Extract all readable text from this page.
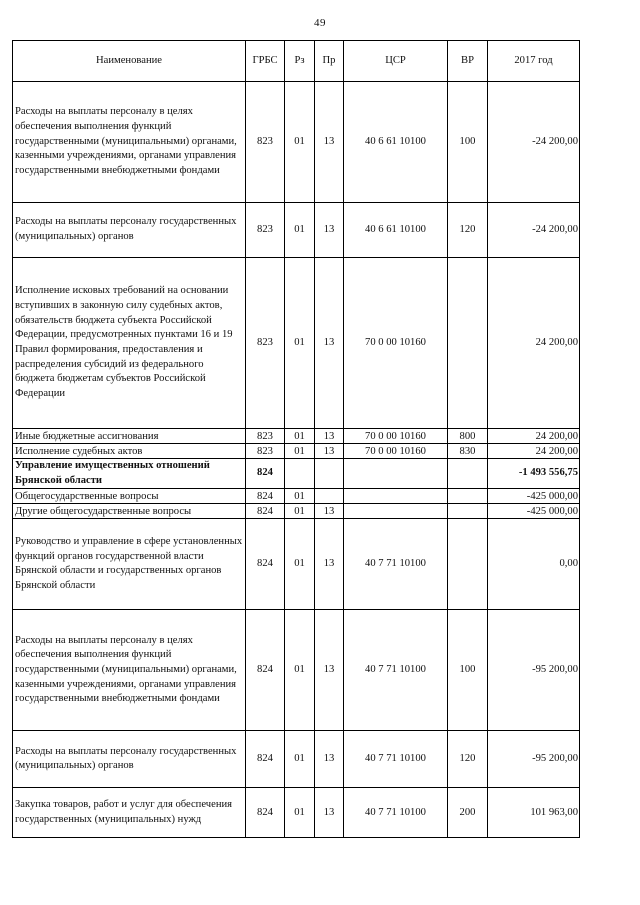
49
Наименование	ГРБС	Рз	Пр	ЦСР	ВР	2017 год
Расходы на выплаты персоналу в целях обеспечения выполнения функций государственными (муниципальными) органами, казенными учреждениями, органами управления государственными внебюджетными фондами	823	01	13	40 6 61 10100	100	-24 200,00
Расходы на выплаты персоналу государственных (муниципальных) органов	823	01	13	40 6 61 10100	120	-24 200,00
Исполнение исковых требований на основании вступивших в законную силу судебных актов, обязательств бюджета субъекта Российской Федерации, предусмотренных пунктами 16 и 19 Правил формирования, предоставления и распределения субсидий из федерального бюджета бюджетам субъектов Российской Федерации	823	01	13	70 0 00 10160		24 200,00
Иные бюджетные ассигнования	823	01	13	70 0 00 10160	800	24 200,00
Исполнение судебных актов	823	01	13	70 0 00 10160	830	24 200,00
Управление имущественных отношений Брянской области	824					-1 493 556,75
Общегосударственные вопросы	824	01				-425 000,00
Другие общегосударственные вопросы	824	01	13			-425 000,00
Руководство и управление в сфере установленных функций органов государственной власти Брянской области и государственных органов Брянской области	824	01	13	40 7 71 10100		0,00
Расходы на выплаты персоналу в целях обеспечения выполнения функций государственными (муниципальными) органами, казенными учреждениями, органами управления государственными внебюджетными фондами	824	01	13	40 7 71 10100	100	-95 200,00
Расходы на выплаты персоналу государственных (муниципальных) органов	824	01	13	40 7 71 10100	120	-95 200,00
Закупка товаров, работ и услуг для обеспечения государственных (муниципальных) нужд	824	01	13	40 7 71 10100	200	101 963,00
